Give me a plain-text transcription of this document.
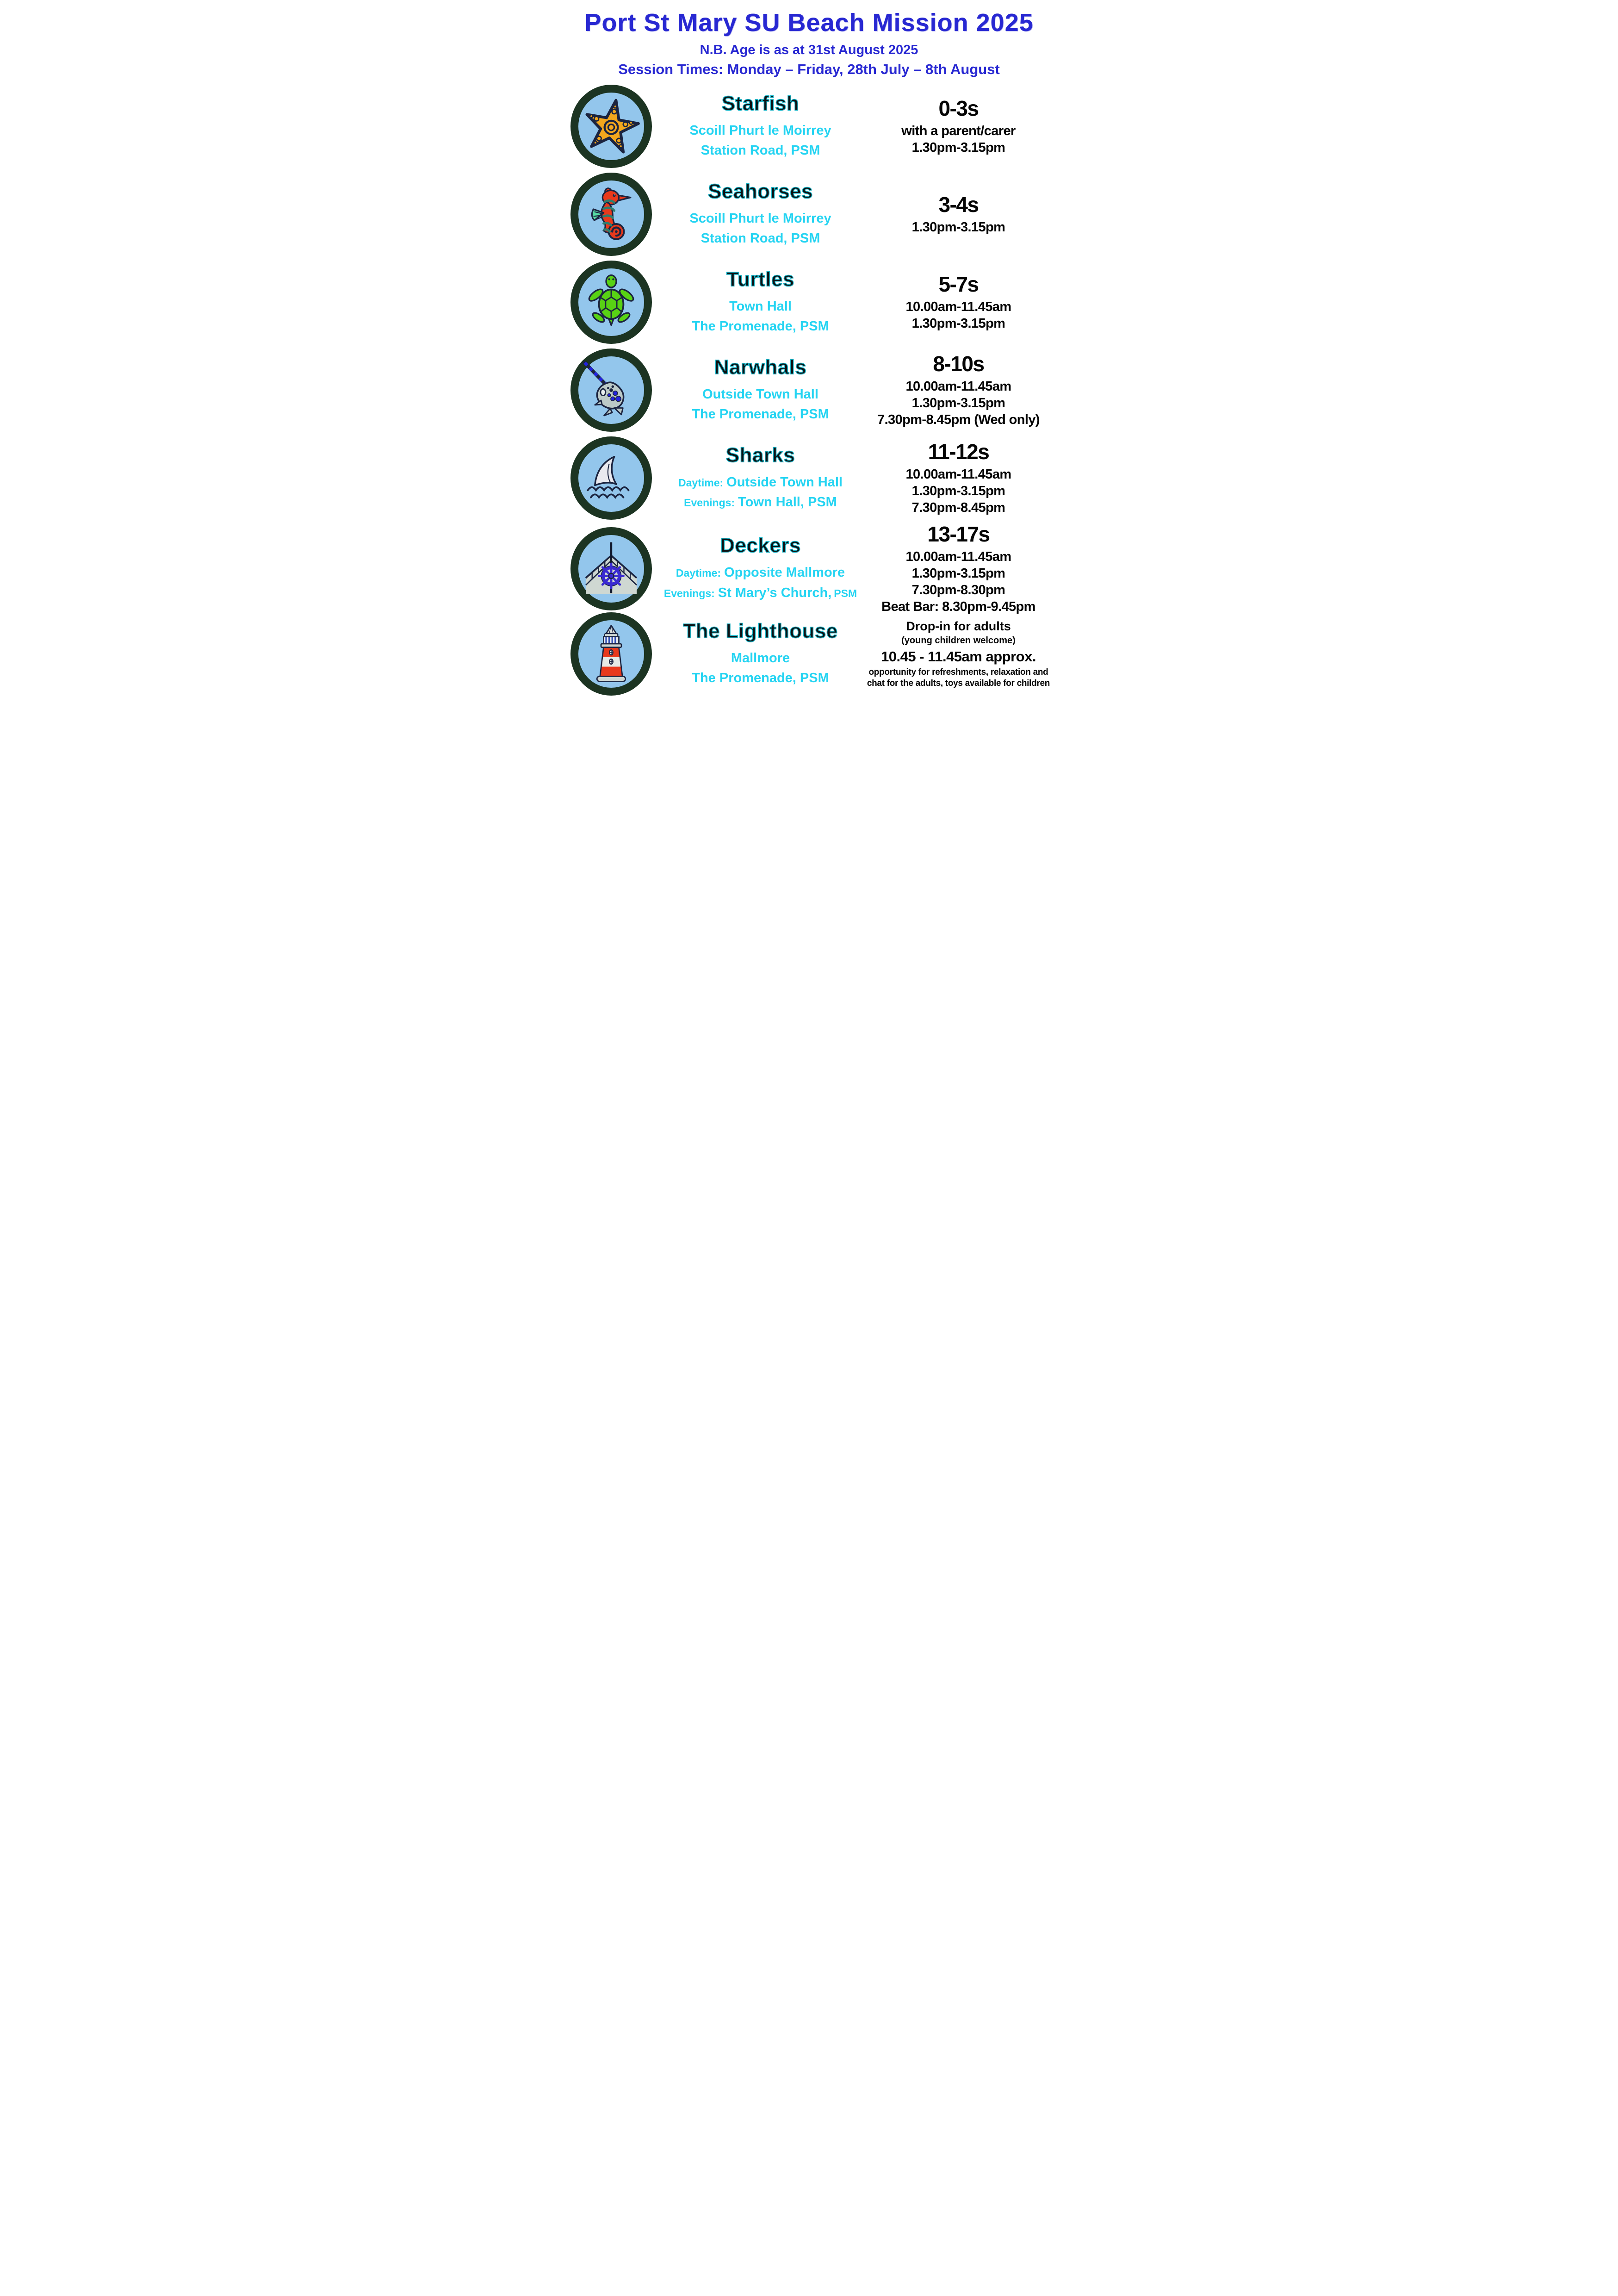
Port St Mary SU Beach Mission 2025
N.B. Age is as at 31st August 2025
Session Times: Monday – Friday, 28th July – 8th August
Starfish
Scoill Phurt le Moirrey
Station Road, PSM
0-3s
with a parent/carer
1.30pm-3.15pm
Seahorses
Scoill Phurt le Moirrey
Station Road, PSM
3-4s
1.30pm-3.15pm
Turtles
Town Hall
The Promenade, PSM
5-7s
10.00am-11.45am
1.30pm-3.15pm
Narwhals
Outside Town Hall
The Promenade, PSM
8-10s
10.00am-11.45am
1.30pm-3.15pm
7.30pm-8.45pm (Wed only)
Sharks
Daytime: Outside Town Hall
Evenings: Town Hall, PSM
11-12s
10.00am-11.45am
1.30pm-3.15pm
7.30pm-8.45pm
Deckers
Daytime: Opposite Mallmore
Evenings: St Mary’s Church, PSM
13-17s
10.00am-11.45am
1.30pm-3.15pm
7.30pm-8.30pm
Beat Bar: 8.30pm-9.45pm
The Lighthouse
Mallmore
The Promenade, PSM
Drop-in for adults
(young children welcome)
10.45 - 11.45am approx.
opportunity for refreshments, relaxation and
chat for the adults, toys available for children
